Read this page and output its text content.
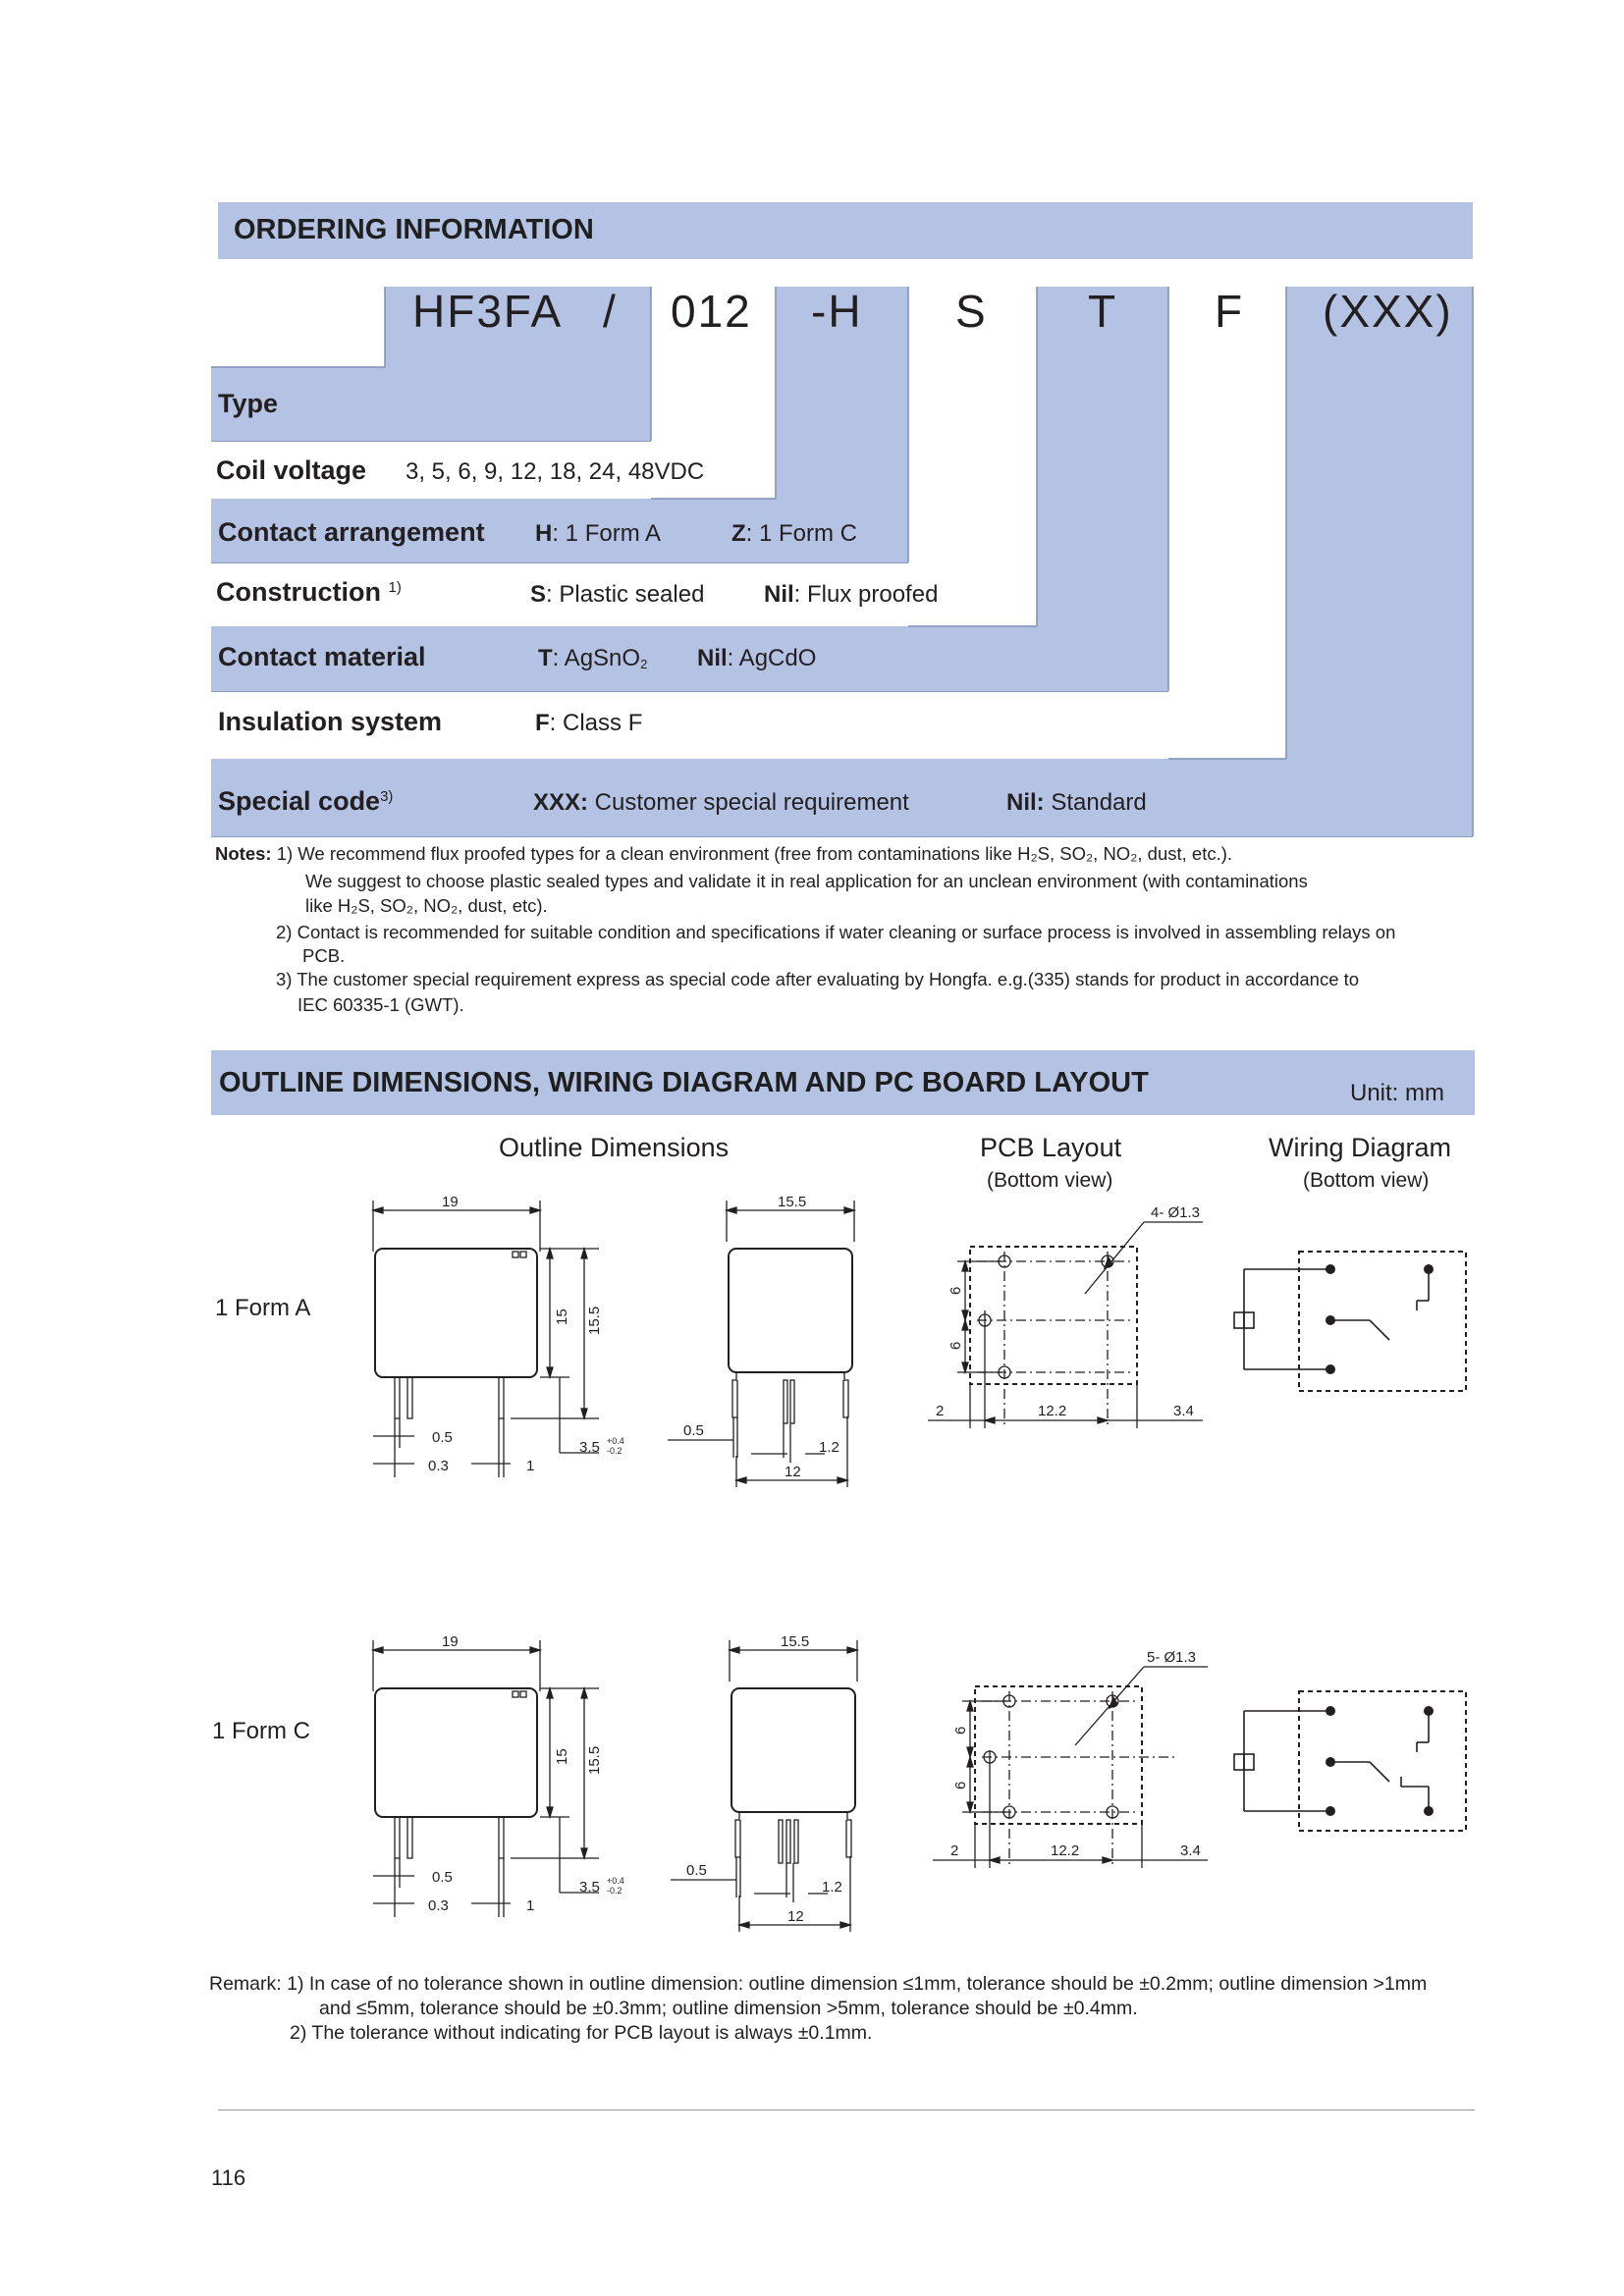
ORDERING INFORMATION
HF3FA / 012 -H S T F (XXX)
Type
Coil voltage 3, 5, 6, 9, 12, 18, 24, 48VDC
Contact arrangement H: 1 Form A	Z: 1 Form C
Construction $^{1)}$	S: Plastic sealed	Nil: Flux proofed
Contact material	T: AgSnO$_2$ Nil: AgCdO
Insulation system	F: Class F
Special code$^{3)}$	XXX: Customer special requirement	Nil: Standard
Notes: 1) We recommend flux proofed types for a clean environment (free from contaminations like H₂S, SO₂, NO₂, dust, etc.).
We suggest to choose plastic sealed types and validate it in real application for an unclean environment (with contaminations
like H₂S, SO₂, NO₂, dust, etc).
2) Contact is recommended for suitable condition and specifications if water cleaning or surface process is involved in assembling relays on
PCB.
3) The customer special requirement express as special code after evaluating by Hongfa. e.g.(335) stands for product in accordance to
IEC 60335-1 (GWT).
OUTLINE DIMENSIONS, WIRING DIAGRAM AND PC BOARD LAYOUT	Unit: mm
Outline Dimensions	PCB Layout
(Bottom view)
Wiring Diagram
(Bottom view)
1 Form A
1 Form C
19
15 15.5
0.5
0.3	1
3.5 +0.4
-0.2
15.5
0.5
1.2
12
4- Ø1.3
6
6
2	12.2	3.4
19
15 15.5
0.5
0.3	1
3.5 +0.4
-0.2
15.5
0.5
1.2
12
5- Ø1.3
6
6
2	12.2	3.4
Remark: 1) In case of no tolerance shown in outline dimension: outline dimension ≤1mm, tolerance should be ±0.2mm; outline dimension >1mm
and ≤5mm, tolerance should be ±0.3mm; outline dimension >5mm, tolerance should be ±0.4mm.
2) The tolerance without indicating for PCB layout is always ±0.1mm.
116
